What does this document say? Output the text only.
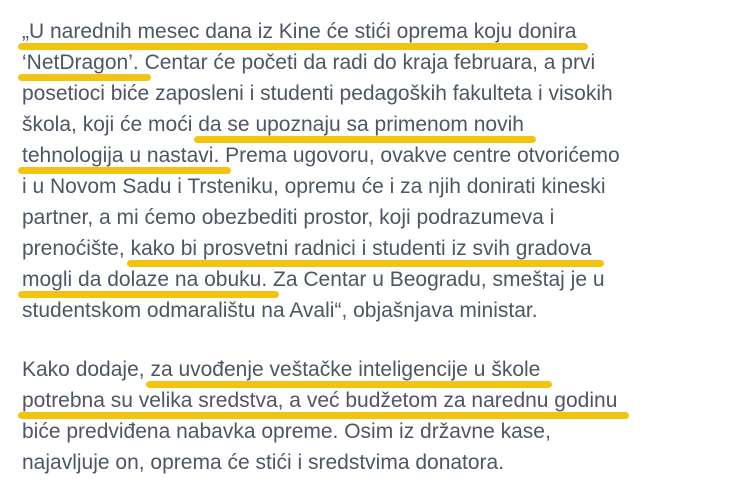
„U narednih mesec dana iz Kine će stići oprema koju donira
‘NetDragon’. Centar će početi da radi do kraja februara, a prvi
posetioci biće zaposleni i studenti pedagoških fakulteta i visokih
škola, koji će moći da se upoznaju sa primenom novih
tehnologija u nastavi. Prema ugovoru, ovakve centre otvorićemo
i u Novom Sadu i Trsteniku, opremu će i za njih donirati kineski
partner, a mi ćemo obezbediti prostor, koji podrazumeva i
prenoćište, kako bi prosvetni radnici i studenti iz svih gradova
mogli da dolaze na obuku. Za Centar u Beogradu, smeštaj je u
studentskom odmaralištu na Avali“, objašnjava ministar.
Kako dodaje, za uvođenje veštačke inteligencije u škole
potrebna su velika sredstva, a već budžetom za narednu godinu
biće predviđena nabavka opreme. Osim iz državne kase,
najavljuje on, oprema će stići i sredstvima donatora.
